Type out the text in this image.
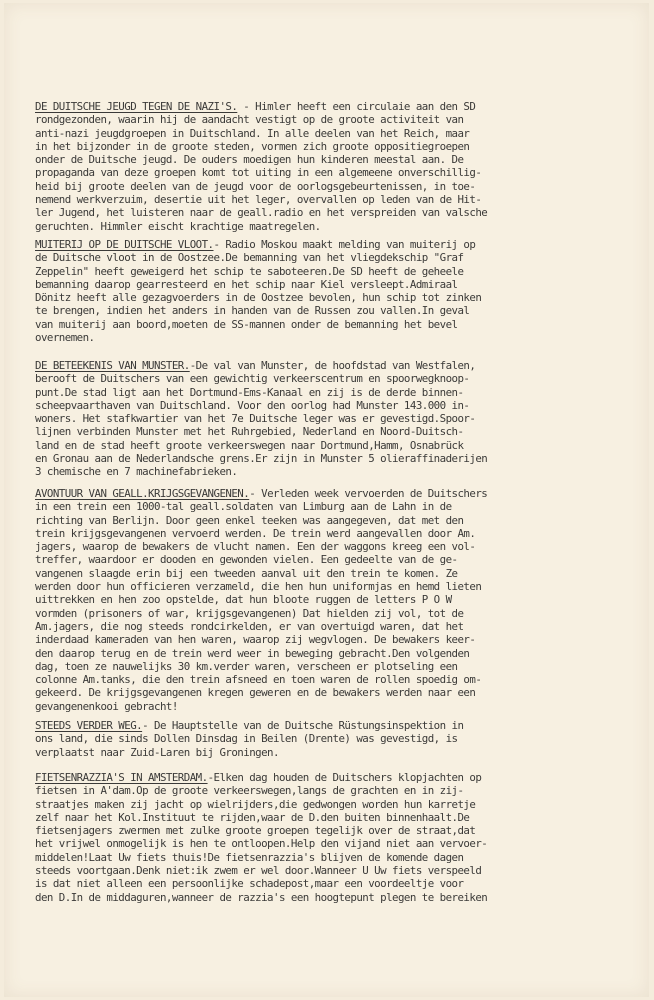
DE DUITSCHE JEUGD TEGEN DE NAZI'S. - Himler heeft een circulaie aan den SD
rondgezonden, waarin hij de aandacht vestigt op de groote activiteit van
anti-nazi jeugdgroepen in Duitschland. In alle deelen van het Reich, maar
in het bijzonder in de groote steden, vormen zich groote oppositiegroepen
onder de Duitsche jeugd. De ouders moedigen hun kinderen meestal aan. De
propaganda van deze groepen komt tot uiting in een algemeene onverschillig-
heid bij groote deelen van de jeugd voor de oorlogsgebeurtenissen, in toe-
nemend werkverzuim, desertie uit het leger, overvallen op leden van de Hit-
ler Jugend, het luisteren naar de geall.radio en het verspreiden van valsche
geruchten. Himmler eischt krachtige maatregelen.

MUITERIJ OP DE DUITSCHE VLOOT.- Radio Moskou maakt melding van muiterij op
de Duitsche vloot in de Oostzee.De bemanning van het vliegdekschip "Graf
Zeppelin" heeft geweigerd het schip te saboteeren.De SD heeft de geheele
bemanning daarop gearresteerd en het schip naar Kiel versleept.Admiraal
Dönitz heeft alle gezagvoerders in de Oostzee bevolen, hun schip tot zinken
te brengen, indien het anders in handen van de Russen zou vallen.In geval
van muiterij aan boord,moeten de SS-mannen onder de bemanning het bevel
overnemen.

DE BETEEKENIS VAN MUNSTER.-De val van Munster, de hoofdstad van Westfalen,
berooft de Duitschers van een gewichtig verkeerscentrum en spoorwegknoop-
punt.De stad ligt aan het Dortmund-Ems-Kanaal en zij is de derde binnen-
scheepvaarthaven van Duitschland. Voor den oorlog had Munster 143.000 in-
woners. Het stafkwartier van het 7e Duitsche leger was er gevestigd.Spoor-
lijnen verbinden Munster met het Ruhrgebied, Nederland en Noord-Duitsch-
land en de stad heeft groote verkeerswegen naar Dortmund,Hamm, Osnabrück
en Gronau aan de Nederlandsche grens.Er zijn in Munster 5 olieraffinaderijen
3 chemische en 7 machinefabrieken.

AVONTUUR VAN GEALL.KRIJGSGEVANGENEN.- Verleden week vervoerden de Duitschers
in een trein een 1000-tal geall.soldaten van Limburg aan de Lahn in de
richting van Berlijn. Door geen enkel teeken was aangegeven, dat met den
trein krijgsgevangenen vervoerd werden. De trein werd aangevallen door Am.
jagers, waarop de bewakers de vlucht namen. Een der waggons kreeg een vol-
treffer, waardoor er dooden en gewonden vielen. Een gedeelte van de ge-
vangenen slaagde erin bij een tweeden aanval uit den trein te komen. Ze
werden door hun officieren verzameld, die hen hun uniformjas en hemd lieten
uittrekken en hen zoo opstelde, dat hun bloote ruggen de letters P O W
vormden (prisoners of war, krijgsgevangenen) Dat hielden zij vol, tot de
Am.jagers, die nog steeds rondcirkelden, er van overtuigd waren, dat het
inderdaad kameraden van hen waren, waarop zij wegvlogen. De bewakers keer-
den daarop terug en de trein werd weer in beweging gebracht.Den volgenden
dag, toen ze nauwelijks 30 km.verder waren, verscheen er plotseling een
colonne Am.tanks, die den trein afsneed en toen waren de rollen spoedig om-
gekeerd. De krijgsgevangenen kregen geweren en de bewakers werden naar een
gevangenenkooi gebracht!

STEEDS VERDER WEG.- De Hauptstelle van de Duitsche Rüstungsinspektion in
ons land, die sinds Dollen Dinsdag in Beilen (Drente) was gevestigd, is
verplaatst naar Zuid-Laren bij Groningen.

FIETSENRAZZIA'S IN AMSTERDAM.-Elken dag houden de Duitschers klopjachten op
fietsen in A'dam.Op de groote verkeerswegen,langs de grachten en in zij-
straatjes maken zij jacht op wielrijders,die gedwongen worden hun karretje
zelf naar het Kol.Instituut te rijden,waar de D.den buiten binnenhaalt.De
fietsenjagers zwermen met zulke groote groepen tegelijk over de straat,dat
het vrijwel onmogelijk is hen te ontloopen.Help den vijand niet aan vervoer-
middelen!Laat Uw fiets thuis!De fietsenrazzia's blijven de komende dagen
steeds voortgaan.Denk niet:ik zwem er wel door.Wanneer U Uw fiets verspeeld
is dat niet alleen een persoonlijke schadepost,maar een voordeeltje voor
den D.In de middaguren,wanneer de razzia's een hoogtepunt plegen te bereiken
